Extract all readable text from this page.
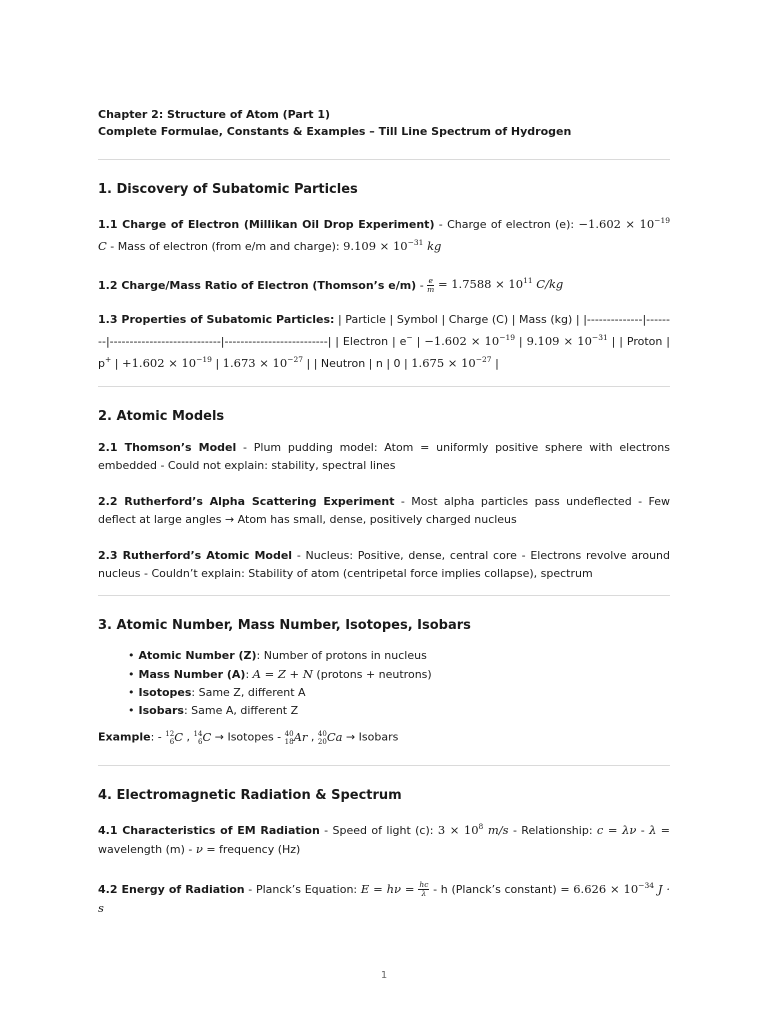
Chapter 2: Structure of Atom (Part 1)
Complete Formulae, Constants & Examples – Till Line Spectrum of Hydrogen
1. Discovery of Subatomic Particles

1.1 Charge of Electron (Millikan Oil Drop Experiment) - Charge of electron (e): $-1.602 \times 10^{-19}$ C - Mass of electron (from e/m and charge): $9.109 \times 10^{-31}$ kg

1.2 Charge/Mass Ratio of Electron (Thomson’s $e/m) - \frac{e}{m} = 1.7588 \times 10^{11}$ C/kg

1.3 Properties of Subatomic Particles: | Particle | Symbol | Charge (C) | Mass (kg) | |--------------|--------|----------------------------|--------------------------| | Electron | e− | $-1.602 \times 10^{-19}$ | $9.109 \times 10^{-31}$ | | Proton | p+ | $+1.602 \times 10^{-19}$ | $1.673 \times 10^{-27}$ | | Neutron | n | 0 | $1.675 \times 10^{-27}$ |

2. Atomic Models

2.1 Thomson’s Model - Plum pudding model: Atom = uniformly positive sphere with electrons embedded - Could not explain: stability, spectral lines

2.2 Rutherford’s Alpha Scattering Experiment - Most alpha particles pass undeflected - Few deflect at large angles → Atom has small, dense, positively charged nucleus

2.3 Rutherford’s Atomic Model - Nucleus: Positive, dense, central core - Electrons revolve around nucleus - Couldn’t explain: Stability of atom (centripetal force implies collapse), spectrum

3. Atomic Number, Mass Number, Isotopes, Isobars
• Atomic Number (Z): Number of protons in nucleus
• Mass Number (A): A = Z + N (protons + neutrons)
• Isotopes: Same Z, different A
• Isobars: Same A, different Z

Example: - 12
6 C , 14
6 C → Isotopes - 40
18 Ar , 40
20 Ca → Isobars

4. Electromagnetic Radiation & Spectrum

4.1 Characteristics of EM Radiation - Speed of light (c): $3 \times 10^8$ m/s - Relationship: c = λν - λ = wavelength (m) - ν = frequency (Hz)

4.2 Energy of Radiation - Planck’s Equation: $E = h\nu = \frac{hc}{\lambda} - h$ (Planck’s constant) = $6.626 \times 10^{-34}$ J · s

1
